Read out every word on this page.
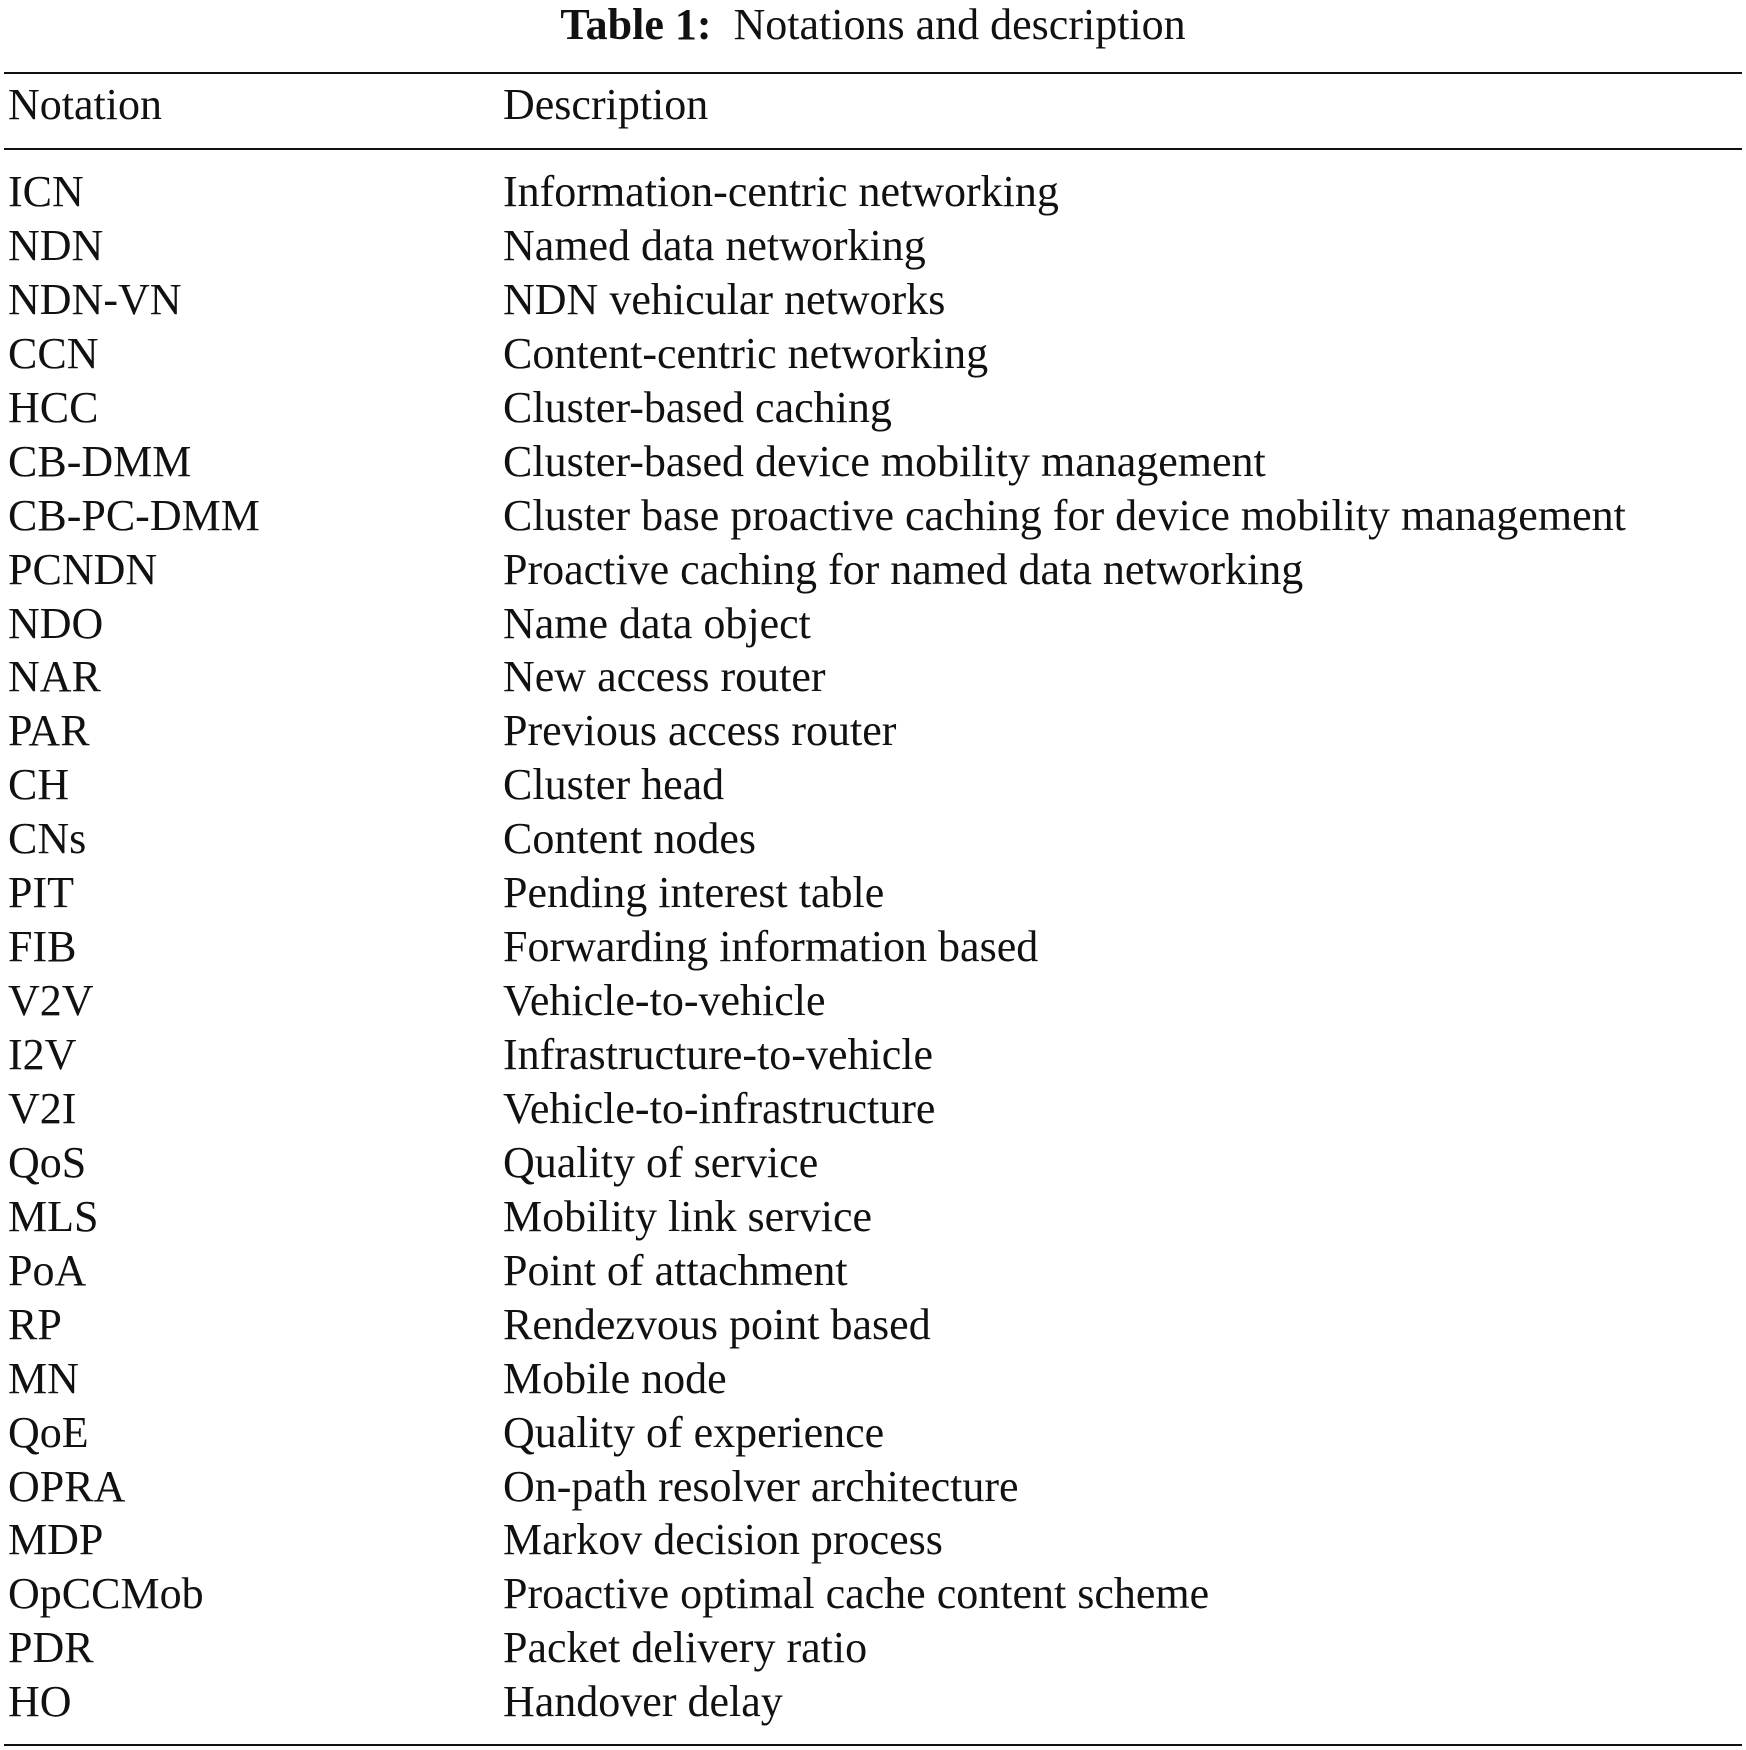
Table 1: Notations and description
Notation	Description
ICN	Information-centric networking
NDN	Named data networking
NDN-VN	NDN vehicular networks
CCN	Content-centric networking
HCC	Cluster-based caching
CB-DMM	Cluster-based device mobility management
CB-PC-DMM	Cluster base proactive caching for device mobility management
PCNDN	Proactive caching for named data networking
NDO	Name data object
NAR	New access router
PAR	Previous access router
CH	Cluster head
CNs	Content nodes
PIT	Pending interest table
FIB	Forwarding information based
V2V	Vehicle-to-vehicle
I2V	Infrastructure-to-vehicle
V2I	Vehicle-to-infrastructure
QoS	Quality of service
MLS	Mobility link service
PoA	Point of attachment
RP	Rendezvous point based
MN	Mobile node
QoE	Quality of experience
OPRA	On-path resolver architecture
MDP	Markov decision process
OpCCMob	Proactive optimal cache content scheme
PDR	Packet delivery ratio
HO	Handover delay
